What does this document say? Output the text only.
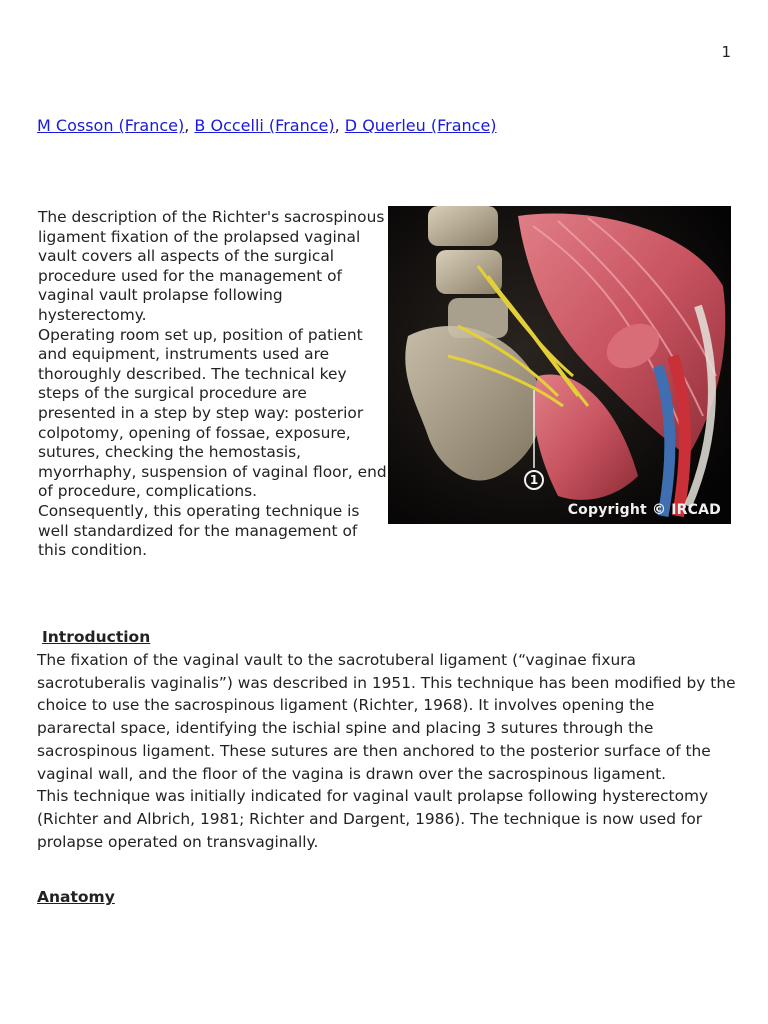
1
M Cosson (France), B Occelli (France), D Querleu (France)

The description of the Richter's sacrospinous ligament fixation of the prolapsed vaginal vault covers all aspects of the surgical procedure used for the management of vaginal vault prolapse following hysterectomy.

Operating room set up, position of patient and equipment, instruments used are thoroughly described. The technical key steps of the surgical procedure are presented in a step by step way: posterior colpotomy, opening of fossae, exposure, sutures, checking the hemostasis, myorrhaphy, suspension of vaginal floor, end of procedure, complications.

Consequently, this operating technique is well standardized for the management of this condition.

1
Copyright © IRCAD
Introduction

The fixation of the vaginal vault to the sacrotuberal ligament (“vaginae fixura sacrotuberalis vaginalis”) was described in 1951. This technique has been modified by the choice to use the sacrospinous ligament (Richter, 1968). It involves opening the pararectal space, identifying the ischial spine and placing 3 sutures through the sacrospinous ligament. These sutures are then anchored to the posterior surface of the vaginal wall, and the floor of the vagina is drawn over the sacrospinous ligament.

This technique was initially indicated for vaginal vault prolapse following hysterectomy (Richter and Albrich, 1981; Richter and Dargent, 1986). The technique is now used for prolapse operated on transvaginally.

Anatomy
